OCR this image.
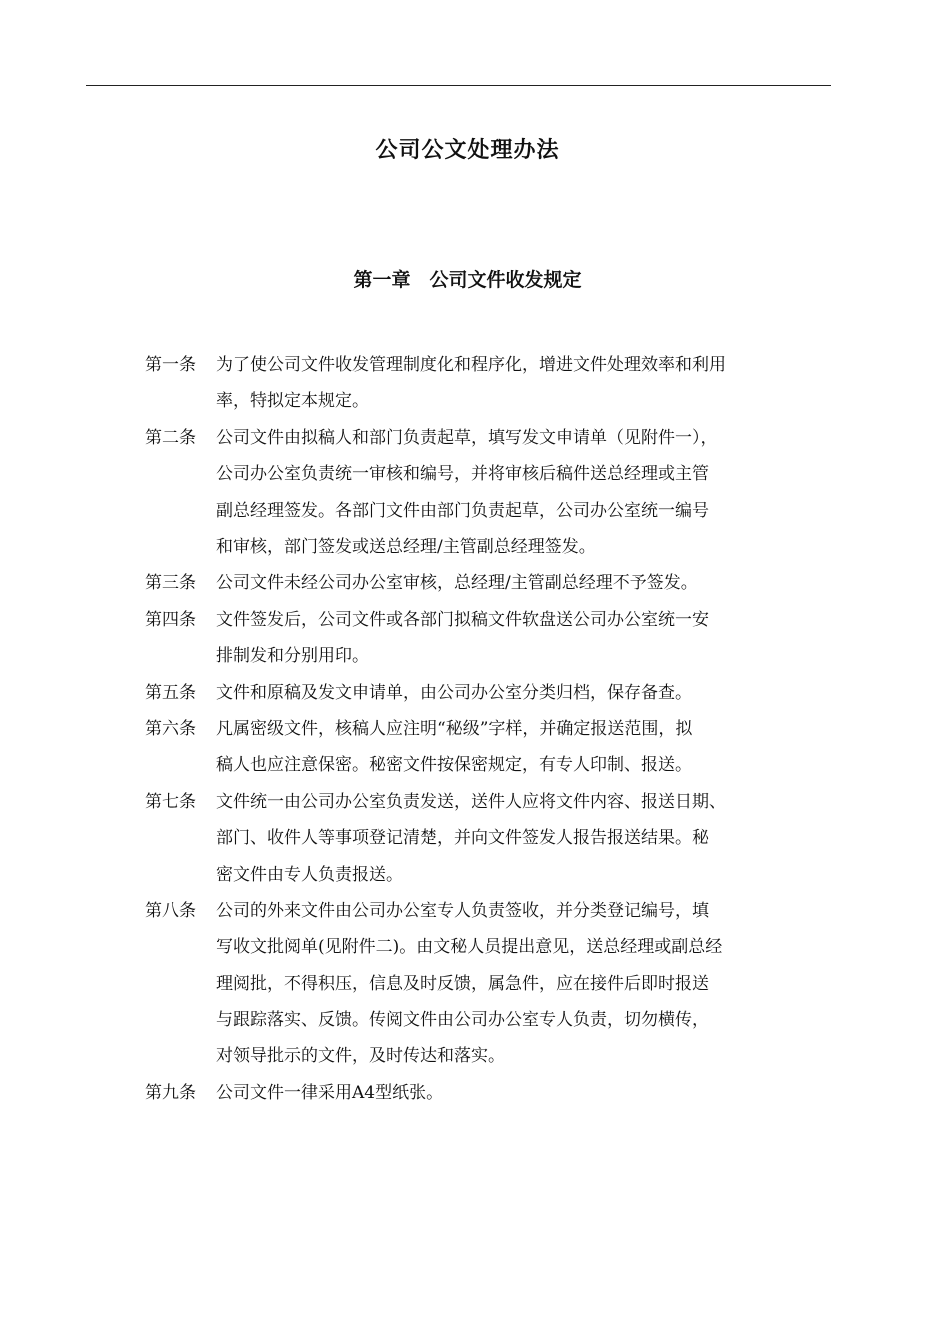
公司公文处理办法
第一章　公司文件收发规定
第一条	为了使公司文件收发管理制度化和程序化，增进文件处理效率和利用
率，特拟定本规定。
第二条	公司文件由拟稿人和部门负责起草，填写发文申请单（见附件一），
公司办公室负责统一审核和编号，并将审核后稿件送总经理或主管
副总经理签发。各部门文件由部门负责起草，公司办公室统一编号
和审核，部门签发或送总经理/主管副总经理签发。
第三条	公司文件未经公司办公室审核，总经理/主管副总经理不予签发。
第四条	文件签发后，公司文件或各部门拟稿文件软盘送公司办公室统一安
排制发和分别用印。
第五条	文件和原稿及发文申请单，由公司办公室分类归档，保存备查。
第六条	凡属密级文件，核稿人应注明“秘级”字样，并确定报送范围，拟
稿人也应注意保密。秘密文件按保密规定，有专人印制、报送。
第七条	文件统一由公司办公室负责发送，送件人应将文件内容、报送日期、
部门、收件人等事项登记清楚，并向文件签发人报告报送结果。秘
密文件由专人负责报送。
第八条	公司的外来文件由公司办公室专人负责签收，并分类登记编号，填
写收文批阅单(见附件二)。由文秘人员提出意见，送总经理或副总经
理阅批，不得积压，信息及时反馈，属急件，应在接件后即时报送
与跟踪落实、反馈。传阅文件由公司办公室专人负责，切勿横传，
对领导批示的文件，及时传达和落实。
第九条	公司文件一律采用A4型纸张。
